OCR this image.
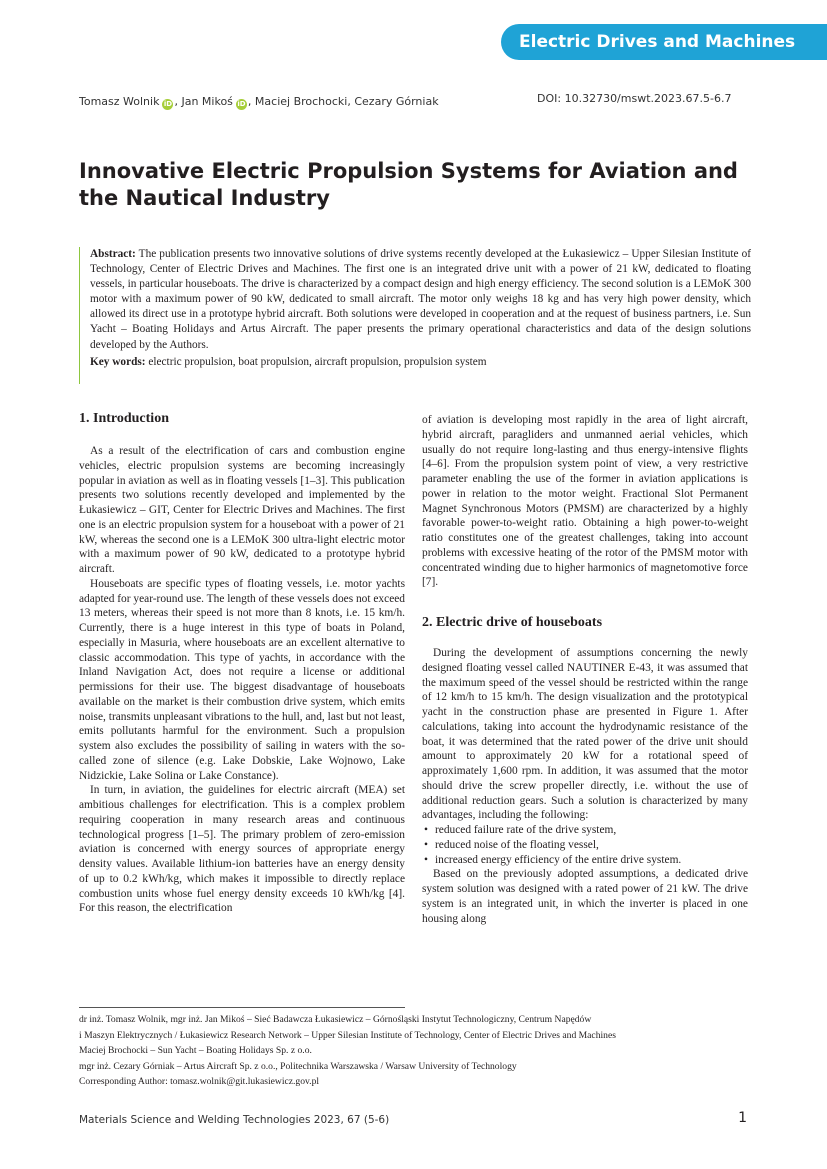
Electric Drives and Machines
Tomasz Wolnik iD , Jan Mikoś iD , Maciej Brochocki, Cezary Górniak	DOI: 10.32730/mswt.2023.67.5-6.7
Innovative Electric Propulsion Systems for Aviation and the Nautical Industry

Abstract: The publication presents two innovative solutions of drive systems recently developed at the Łukasiewicz – Upper Silesian Institute of Technology, Center of Electric Drives and Machines. The first one is an integrated drive unit with a power of 21 kW, dedicated to floating vessels, in particular houseboats. The drive is characterized by a compact design and high energy efficiency. The second solution is a LEMoK 300 motor with a maximum power of 90 kW, dedicated to small aircraft. The motor only weighs 18 kg and has very high power density, which allowed its direct use in a prototype hybrid aircraft. Both solutions were developed in cooperation and at the request of business partners, i.e. Sun Yacht – Boating Holidays and Artus Aircraft. The paper presents the primary operational characteristics and data of the design solutions developed by the Authors.

Key words: electric propulsion, boat propulsion, aircraft propulsion, propulsion system

1. Introduction

As a result of the electrification of cars and combustion engine vehicles, electric propulsion systems are becoming increasingly popular in aviation as well as in floating vessels [1–3]. This publication presents two solutions recently developed and implemented by the Łukasiewicz – GIT, Center for Electric Drives and Machines. The first one is an electric propulsion system for a houseboat with a power of 21 kW, whereas the second one is a LEMoK 300 ultra-light electric motor with a maximum power of 90 kW, dedicated to a prototype hybrid aircraft.

Houseboats are specific types of floating vessels, i.e. motor yachts adapted for year-round use. The length of these vessels does not exceed 13 meters, whereas their speed is not more than 8 knots, i.e. 15 km/h. Currently, there is a huge interest in this type of boats in Poland, especially in Masuria, where houseboats are an excellent alternative to classic accommodation. This type of yachts, in accordance with the Inland Navigation Act, does not require a license or additional permissions for their use. The biggest disadvantage of houseboats available on the market is their combustion drive system, which emits noise, transmits unpleasant vibrations to the hull, and, last but not least, emits pollutants harmful for the environment. Such a propulsion system also excludes the possibility of sailing in waters with the so-called zone of silence (e.g. Lake Dobskie, Lake Wojnowo, Lake Nidzickie, Lake Solina or Lake Constance).

In turn, in aviation, the guidelines for electric aircraft (MEA) set ambitious challenges for electrification. This is a complex problem requiring cooperation in many research areas and continuous technological progress [1–5]. The primary problem of zero-emission aviation is concerned with energy sources of appropriate energy density values. Available lithium-ion batteries have an energy density of up to 0.2 kWh/kg, which makes it impossible to directly replace combustion units whose fuel energy density exceeds 10 kWh/kg [4]. For this reason, the electrification

of aviation is developing most rapidly in the area of light aircraft, hybrid aircraft, paragliders and unmanned aerial vehicles, which usually do not require long-lasting and thus energy-intensive flights [4–6]. From the propulsion system point of view, a very restrictive parameter enabling the use of the former in aviation applications is power in relation to the motor weight. Fractional Slot Permanent Magnet Synchronous Motors (PMSM) are characterized by a highly favorable power-to-weight ratio. Obtaining a high power-to-weight ratio constitutes one of the greatest challenges, taking into account problems with excessive heating of the rotor of the PMSM motor with concentrated winding due to higher harmonics of magnetomotive force [7].

2. Electric drive of houseboats

During the development of assumptions concerning the newly designed floating vessel called NAUTINER E-43, it was assumed that the maximum speed of the vessel should be restricted within the range of 12 km/h to 15 km/h. The design visualization and the prototypical yacht in the construction phase are presented in Figure 1. After calculations, taking into account the hydrodynamic resistance of the boat, it was determined that the rated power of the drive unit should amount to approximately 20 kW for a rotational speed of approximately 1,600 rpm. In addition, it was assumed that the motor should drive the screw propeller directly, i.e. without the use of additional reduction gears. Such a solution is characterized by many advantages, including the following:

• reduced failure rate of the drive system,
• reduced noise of the floating vessel,
• increased energy efficiency of the entire drive system.

Based on the previously adopted assumptions, a dedicated drive system solution was designed with a rated power of 21 kW. The drive system is an integrated unit, in which the inverter is placed in one housing along

dr inż. Tomasz Wolnik, mgr inż. Jan Mikoś – Sieć Badawcza Łukasiewicz – Górnośląski Instytut Technologiczny, Centrum Napędów
i Maszyn Elektrycznych / Łukasiewicz Research Network – Upper Silesian Institute of Technology, Center of Electric Drives and Machines
Maciej Brochocki – Sun Yacht – Boating Holidays Sp. z o.o.
mgr inż. Cezary Górniak – Artus Aircraft Sp. z o.o., Politechnika Warszawska / Warsaw University of Technology
Corresponding Author: tomasz.wolnik@git.lukasiewicz.gov.pl
Materials Science and Welding Technologies 2023, 67 (5-6)	1
